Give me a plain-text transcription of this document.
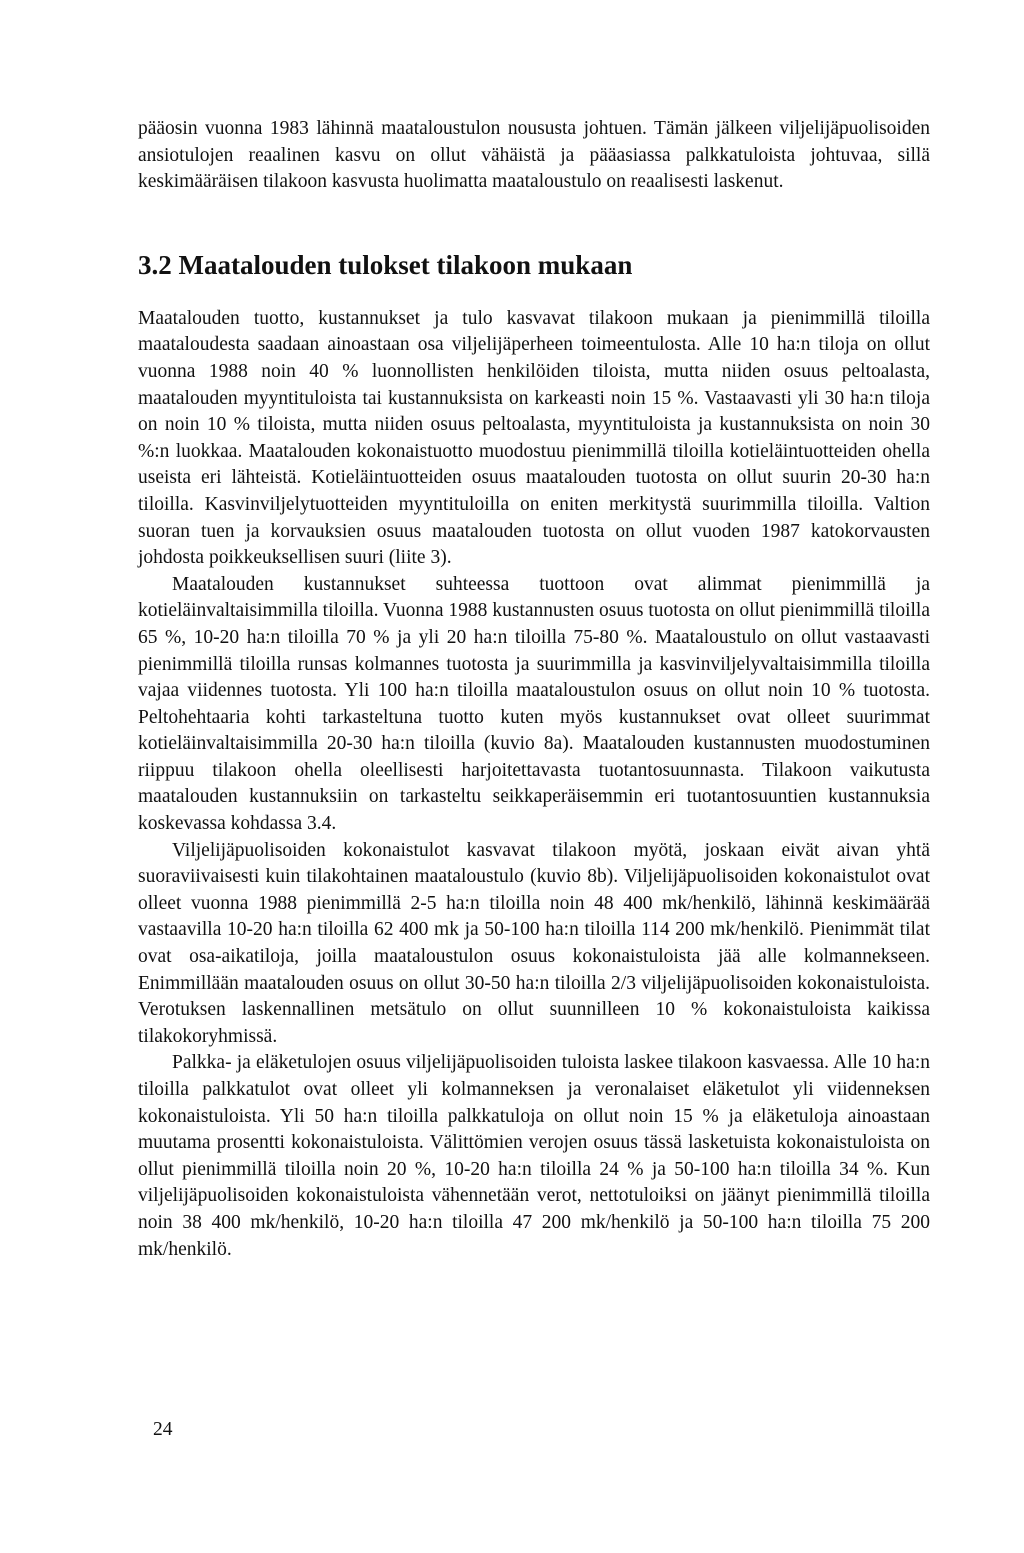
pääosin vuonna 1983 lähinnä maataloustulon noususta johtuen. Tämän jälkeen viljelijäpuolisoiden ansiotulojen reaalinen kasvu on ollut vähäistä ja pääasiassa palkkatuloista johtuvaa, sillä keskimääräisen tilakoon kasvusta huolimatta maataloustulo on reaalisesti laskenut.

3.2 Maatalouden tulokset tilakoon mukaan

Maatalouden tuotto, kustannukset ja tulo kasvavat tilakoon mukaan ja pienimmillä tiloilla maataloudesta saadaan ainoastaan osa viljelijäperheen toimeentulosta. Alle 10 ha:n tiloja on ollut vuonna 1988 noin 40 % luonnollisten henkilöiden tiloista, mutta niiden osuus peltoalasta, maatalouden myyntituloista tai kustannuksista on karkeasti noin 15 %. Vastaavasti yli 30 ha:n tiloja on noin 10 % tiloista, mutta niiden osuus peltoalasta, myyntituloista ja kustannuksista on noin 30 %:n luokkaa. Maatalouden kokonaistuotto muodostuu pienimmillä tiloilla kotieläintuotteiden ohella useista eri lähteistä. Kotieläintuotteiden osuus maatalouden tuotosta on ollut suurin 20-30 ha:n tiloilla. Kasvinviljelytuotteiden myyntituloilla on eniten merkitystä suurimmilla tiloilla. Valtion suoran tuen ja korvauksien osuus maatalouden tuotosta on ollut vuoden 1987 katokorvausten johdosta poikkeuksellisen suuri (liite 3).

Maatalouden kustannukset suhteessa tuottoon ovat alimmat pienimmillä ja kotieläinvaltaisimmilla tiloilla. Vuonna 1988 kustannusten osuus tuotosta on ollut pienimmillä tiloilla 65 %, 10-20 ha:n tiloilla 70 % ja yli 20 ha:n tiloilla 75-80 %. Maataloustulo on ollut vastaavasti pienimmillä tiloilla runsas kolmannes tuotosta ja suurimmilla ja kasvinviljelyvaltaisimmilla tiloilla vajaa viidennes tuotosta. Yli 100 ha:n tiloilla maataloustulon osuus on ollut noin 10 % tuotosta. Peltohehtaaria kohti tarkasteltuna tuotto kuten myös kustannukset ovat olleet suurimmat kotieläinvaltaisimmilla 20-30 ha:n tiloilla (kuvio 8a). Maatalouden kustannusten muodostuminen riippuu tilakoon ohella oleellisesti harjoitettavasta tuotantosuunnasta. Tilakoon vaikutusta maatalouden kustannuksiin on tarkasteltu seikkaperäisemmin eri tuotantosuuntien kustannuksia koskevassa kohdassa 3.4.

Viljelijäpuolisoiden kokonaistulot kasvavat tilakoon myötä, joskaan eivät aivan yhtä suoraviivaisesti kuin tilakohtainen maataloustulo (kuvio 8b). Viljelijäpuolisoiden kokonaistulot ovat olleet vuonna 1988 pienimmillä 2-5 ha:n tiloilla noin 48 400 mk/henkilö, lähinnä keskimäärää vastaavilla 10-20 ha:n tiloilla 62 400 mk ja 50-100 ha:n tiloilla 114 200 mk/henkilö. Pienimmät tilat ovat osa-aikatiloja, joilla maataloustulon osuus kokonaistuloista jää alle kolmannekseen. Enimmillään maatalouden osuus on ollut 30-50 ha:n tiloilla 2/3 viljelijäpuolisoiden kokonaistuloista. Verotuksen laskennallinen metsätulo on ollut suunnilleen 10 % kokonaistuloista kaikissa tilakokoryhmissä.

Palkka- ja eläketulojen osuus viljelijäpuolisoiden tuloista laskee tilakoon kasvaessa. Alle 10 ha:n tiloilla palkkatulot ovat olleet yli kolmanneksen ja veronalaiset eläketulot yli viidenneksen kokonaistuloista. Yli 50 ha:n tiloilla palkkatuloja on ollut noin 15 % ja eläketuloja ainoastaan muutama prosentti kokonaistuloista. Välittömien verojen osuus tässä lasketuista kokonaistuloista on ollut pienimmillä tiloilla noin 20 %, 10-20 ha:n tiloilla 24 % ja 50-100 ha:n tiloilla 34 %. Kun viljelijäpuolisoiden kokonaistuloista vähennetään verot, nettotuloiksi on jäänyt pienimmillä tiloilla noin 38 400 mk/henkilö, 10-20 ha:n tiloilla 47 200 mk/henkilö ja 50-100 ha:n tiloilla 75 200 mk/henkilö.

24
